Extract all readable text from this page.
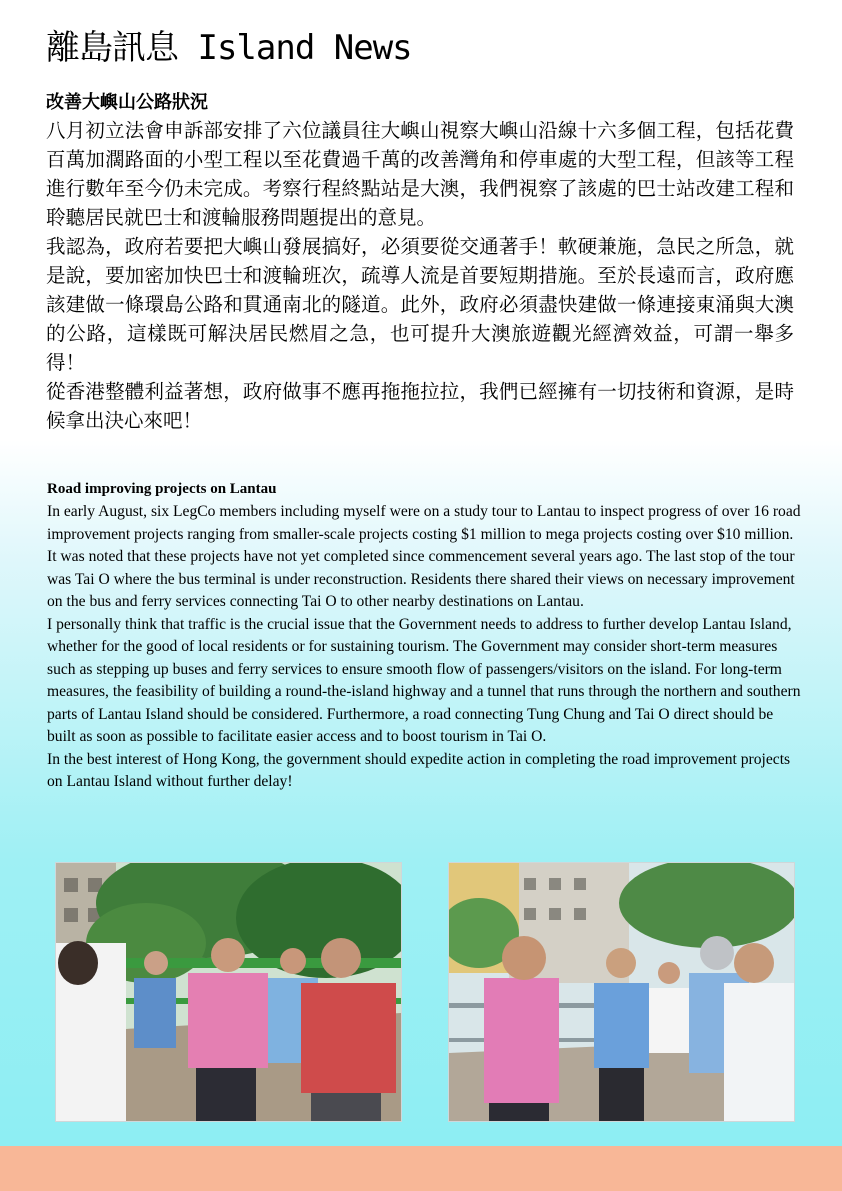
離島訊息 Island News
改善大嶼山公路狀況

八月初立法會申訴部安排了六位議員往大嶼山視察大嶼山沿線十六多個工程，包括花費百萬加濶路面的小型工程以至花費過千萬的改善灣角和停車處的大型工程，但該等工程進行數年至今仍未完成。考察行程終點站是大澳，我們視察了該處的巴士站改建工程和聆聽居民就巴士和渡輪服務問題提出的意見。

我認為，政府若要把大嶼山發展搞好，必須要從交通著手！軟硬兼施，急民之所急，就是說，要加密加快巴士和渡輪班次，疏導人流是首要短期措施。至於長遠而言，政府應該建做一條環島公路和貫通南北的隧道。此外，政府必須盡快建做一條連接東涌與大澳的公路，這樣既可解決居民燃眉之急，也可提升大澳旅遊觀光經濟效益，可謂一舉多得！

從香港整體利益著想，政府做事不應再拖拖拉拉，我們已經擁有一切技術和資源，是時候拿出決心來吧！

Road improving projects on Lantau

In early August, six LegCo members including myself were on a study tour to Lantau to inspect progress of over 16 road improvement projects ranging from smaller-scale projects costing $1 million to mega projects costing over $10 million. It was noted that these projects have not yet completed since commencement several years ago. The last stop of the tour was Tai O where the bus terminal is under reconstruction. Residents there shared their views on necessary improvement on the bus and ferry services connecting Tai O to other nearby destinations on Lantau.

I personally think that traffic is the crucial issue that the Government needs to address to further develop Lantau Island, whether for the good of local residents or for sustaining tourism. The Government may consider short-term measures such as stepping up buses and ferry services to ensure smooth flow of passengers/visitors on the island. For long-term measures, the feasibility of building a round-the-island highway and a tunnel that runs through the northern and southern parts of Lantau Island should be considered. Furthermore, a road connecting Tung Chung and Tai O direct should be built as soon as possible to facilitate easier access and to boost tourism in Tai O.

In the best interest of Hong Kong, the government should expedite action in completing the road improvement projects on Lantau Island without further delay!
